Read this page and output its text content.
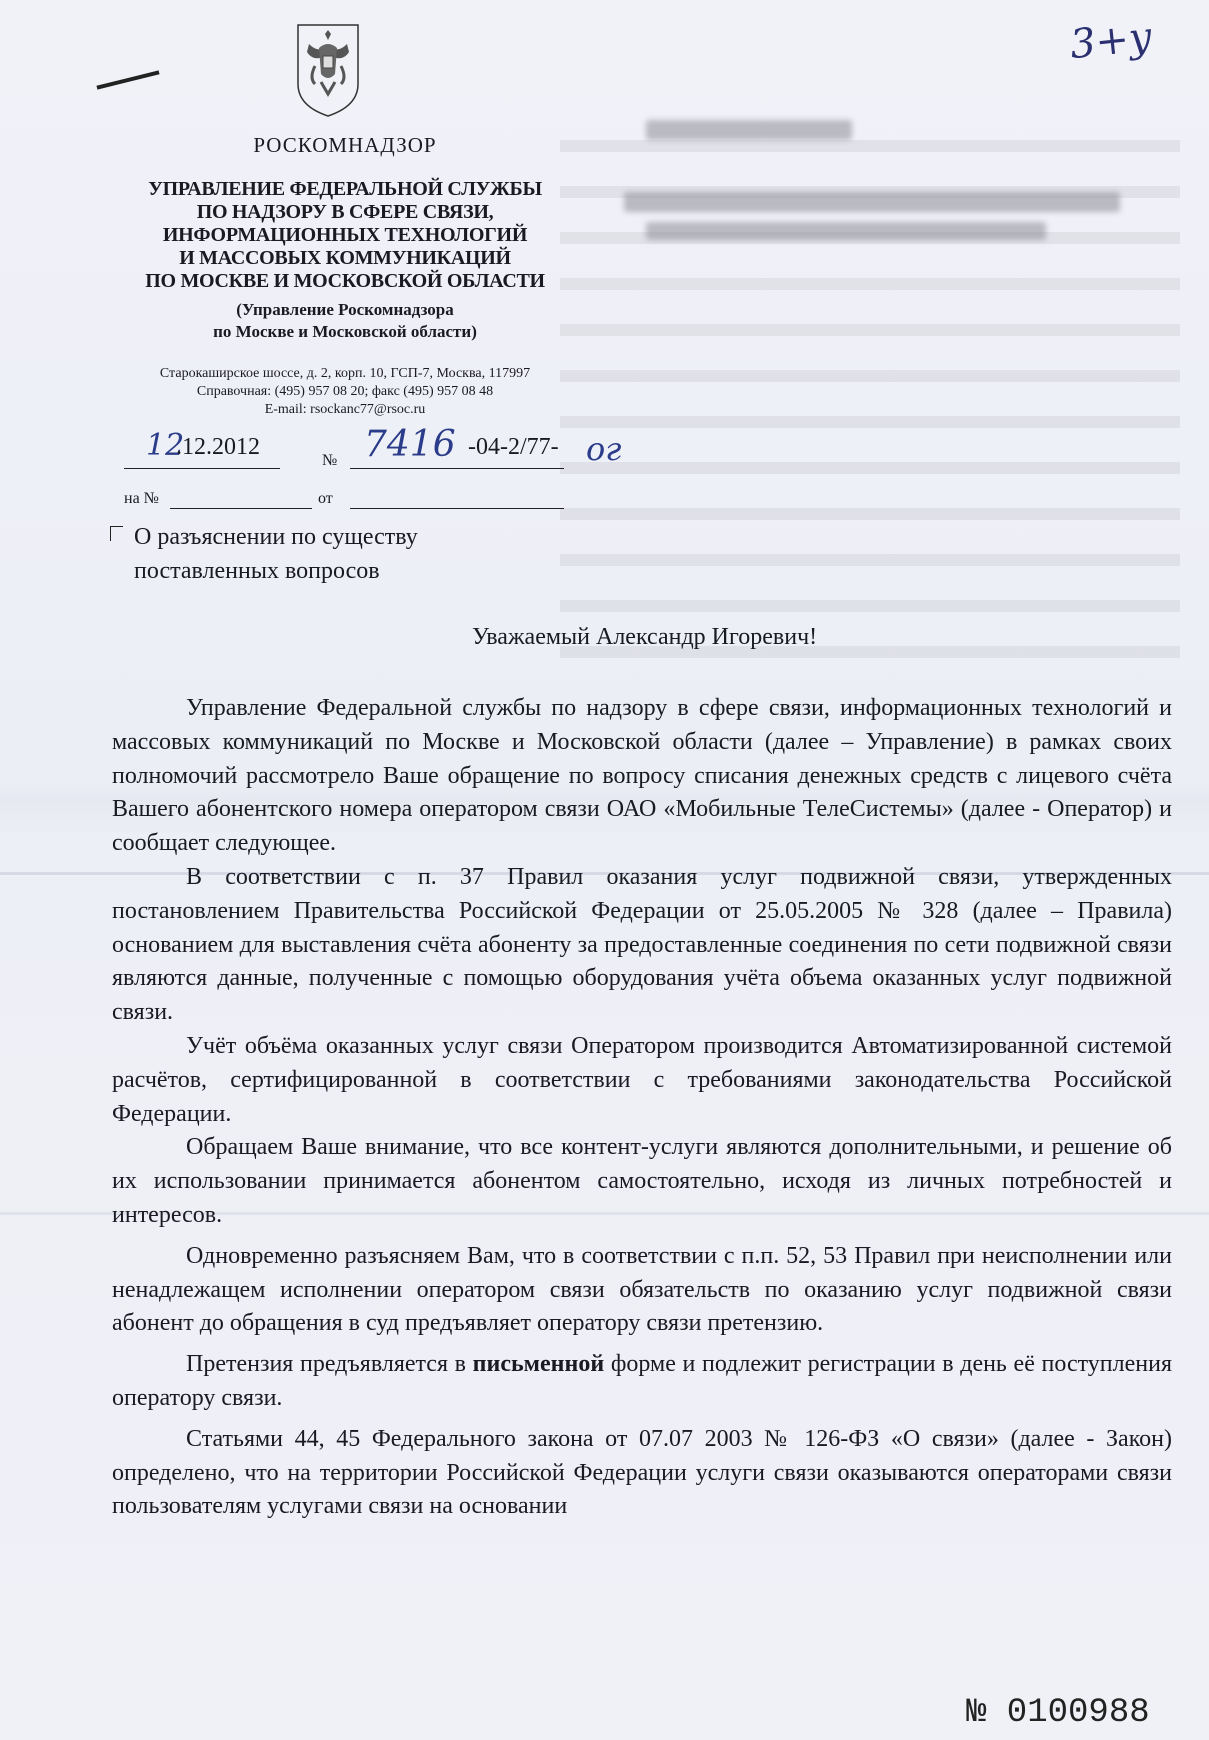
3+у
РОСКОМНАДЗОР
УПРАВЛЕНИЕ ФЕДЕРАЛЬНОЙ СЛУЖБЫ
ПО НАДЗОРУ В СФЕРЕ СВЯЗИ,
ИНФОРМАЦИОННЫХ ТЕХНОЛОГИЙ
И МАССОВЫХ КОММУНИКАЦИЙ
ПО МОСКВЕ И МОСКОВСКОЙ ОБЛАСТИ
(Управление Роскомнадзора
по Москве и Московской области)
Старокаширское шоссе, д. 2, корп. 10, ГСП-7, Москва, 117997
Справочная: (495) 957 08 20; факс (495) 957 08 48
E-mail: rsockanc77@rsoc.ru
12
.12.2012
№ 7416 -04-2/77- ог
на №	от
О разъяснении по существу
поставленных вопросов
Уважаемый Александр Игоревич!

Управление Федеральной службы по надзору в сфере связи, информационных технологий и массовых коммуникаций по Москве и Московской области (далее – Управление) в рамках своих полномочий рассмотрело Ваше обращение по вопросу списания денежных средств с лицевого счёта Вашего абонентского номера оператором связи ОАО «Мобильные ТелеСистемы» (далее - Оператор) и сообщает следующее.

В соответствии с п. 37 Правил оказания услуг подвижной связи, утвержденных постановлением Правительства Российской Федерации от 25.05.2005 № 328 (далее – Правила) основанием для выставления счёта абоненту за предоставленные соединения по сети подвижной связи являются данные, полученные с помощью оборудования учёта объема оказанных услуг подвижной связи.

Учёт объёма оказанных услуг связи Оператором производится Автоматизированной системой расчётов, сертифицированной в соответствии с требованиями законодательства Российской Федерации.

Обращаем Ваше внимание, что все контент-услуги являются дополнительными, и решение об их использовании принимается абонентом самостоятельно, исходя из личных потребностей и интересов.

Одновременно разъясняем Вам, что в соответствии с п.п. 52, 53 Правил при неисполнении или ненадлежащем исполнении оператором связи обязательств по оказанию услуг подвижной связи абонент до обращения в суд предъявляет оператору связи претензию.

Претензия предъявляется в письменной форме и подлежит регистрации в день её поступления оператору связи.

Статьями 44, 45 Федерального закона от 07.07 2003 № 126-ФЗ «О связи» (далее - Закон) определено, что на территории Российской Федерации услуги связи оказываются операторами связи пользователям услугами связи на основании

№ 0100988
